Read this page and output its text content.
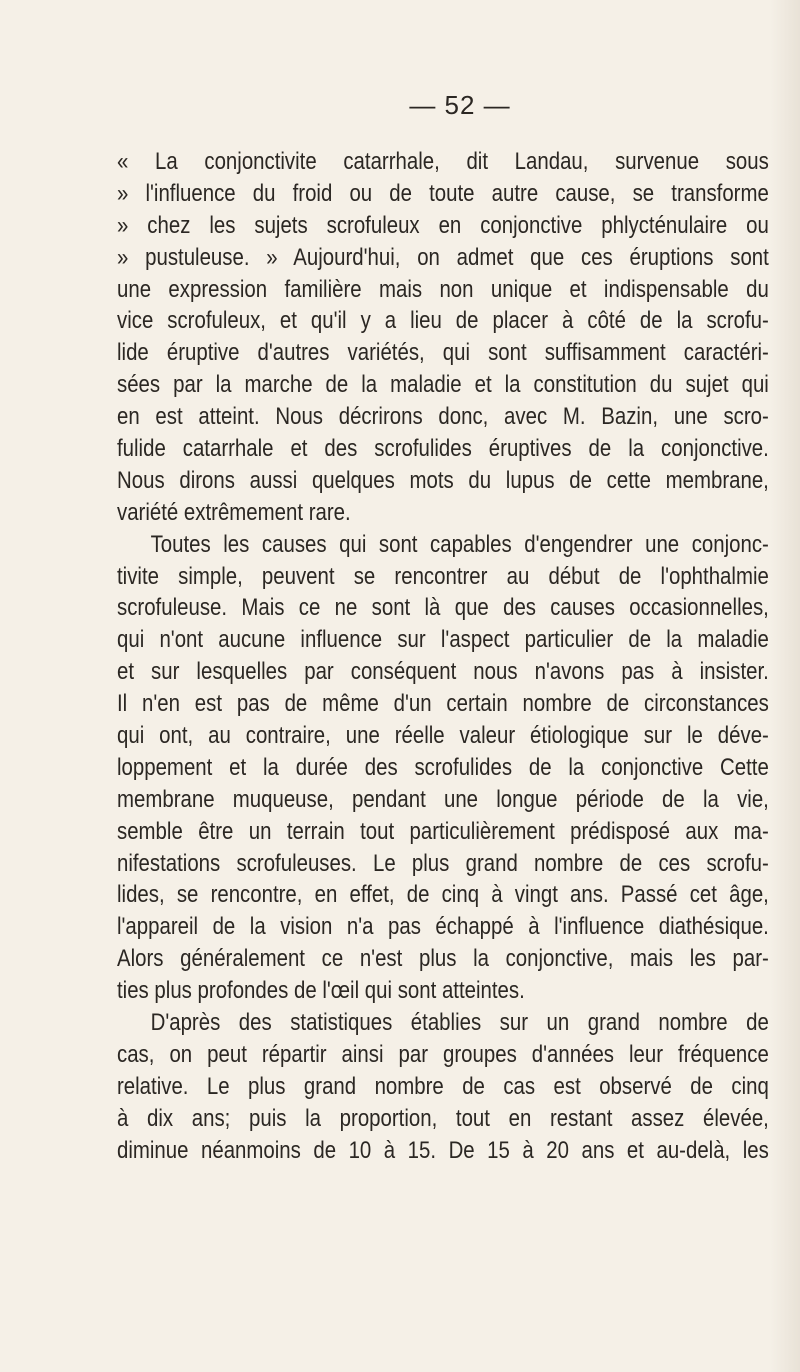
— 52 —
« La conjonctivite catarrhale, dit Landau, survenue sous
» l'influence du froid ou de toute autre cause, se transforme
» chez les sujets scrofuleux en conjonctive phlycténulaire ou
» pustuleuse. » Aujourd'hui, on admet que ces éruptions sont
une expression familière mais non unique et indispensable du
vice scrofuleux, et qu'il y a lieu de placer à côté de la scrofu-
lide éruptive d'autres variétés, qui sont suffisamment caractéri-
sées par la marche de la maladie et la constitution du sujet qui
en est atteint. Nous décrirons donc, avec M. Bazin, une scro-
fulide catarrhale et des scrofulides éruptives de la conjonctive.
Nous dirons aussi quelques mots du lupus de cette membrane,
variété extrêmement rare.
Toutes les causes qui sont capables d'engendrer une conjonc-
tivite simple, peuvent se rencontrer au début de l'ophthalmie
scrofuleuse. Mais ce ne sont là que des causes occasionnelles,
qui n'ont aucune influence sur l'aspect particulier de la maladie
et sur lesquelles par conséquent nous n'avons pas à insister.
Il n'en est pas de même d'un certain nombre de circonstances
qui ont, au contraire, une réelle valeur étiologique sur le déve-
loppement et la durée des scrofulides de la conjonctive Cette
membrane muqueuse, pendant une longue période de la vie,
semble être un terrain tout particulièrement prédisposé aux ma-
nifestations scrofuleuses. Le plus grand nombre de ces scrofu-
lides, se rencontre, en effet, de cinq à vingt ans. Passé cet âge,
l'appareil de la vision n'a pas échappé à l'influence diathésique.
Alors généralement ce n'est plus la conjonctive, mais les par-
ties plus profondes de l'œil qui sont atteintes.
D'après des statistiques établies sur un grand nombre de
cas, on peut répartir ainsi par groupes d'années leur fréquence
relative. Le plus grand nombre de cas est observé de cinq
à dix ans; puis la proportion, tout en restant assez élevée,
diminue néanmoins de 10 à 15. De 15 à 20 ans et au-delà, les
